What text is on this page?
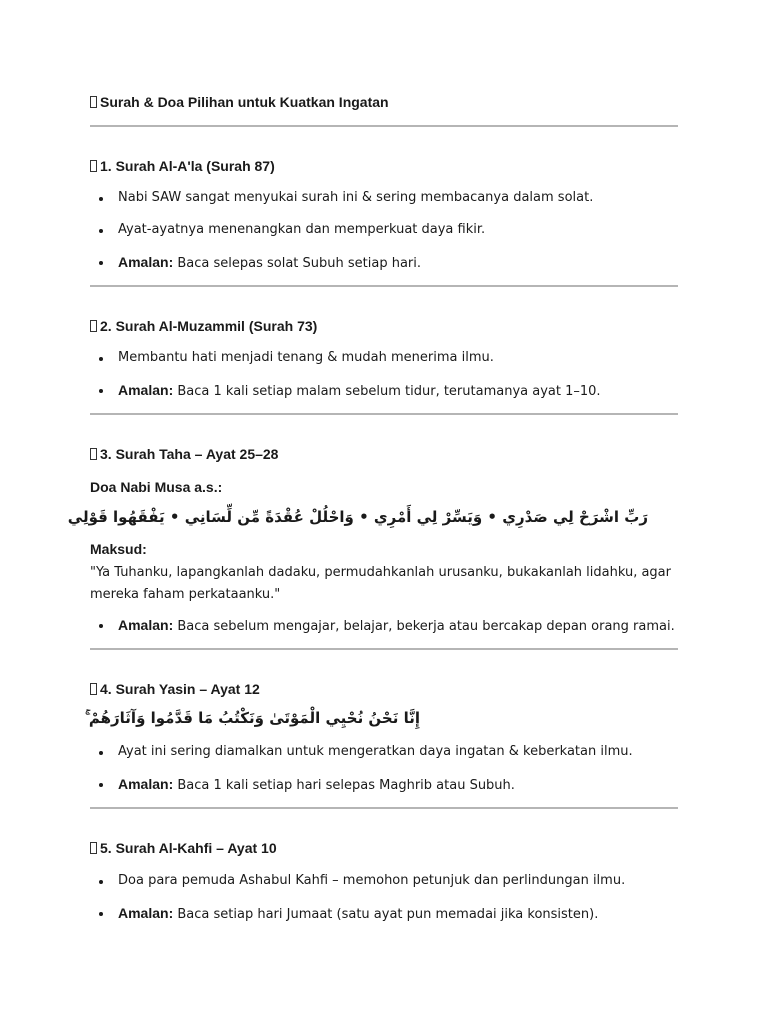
Surah & Doa Pilihan untuk Kuatkan Ingatan
1. Surah Al-A'la (Surah 87)
Nabi SAW sangat menyukai surah ini & sering membacanya dalam solat.
Ayat-ayatnya menenangkan dan memperkuat daya fikir.
Amalan: Baca selepas solat Subuh setiap hari.
2. Surah Al-Muzammil (Surah 73)
Membantu hati menjadi tenang & mudah menerima ilmu.
Amalan: Baca 1 kali setiap malam sebelum tidur, terutamanya ayat 1–10.
3. Surah Taha – Ayat 25–28
Doa Nabi Musa a.s.:
رَبِّ اشْرَحْ لِي صَدْرِي • وَيَسِّرْ لِي أَمْرِي • وَاحْلُلْ عُقْدَةً مِّن لِّسَانِي • يَفْقَهُوا قَوْلِي
Maksud:
"Ya Tuhanku, lapangkanlah dadaku, permudahkanlah urusanku, bukakanlah lidahku, agar
mereka faham perkataanku."
Amalan: Baca sebelum mengajar, belajar, bekerja atau bercakap depan orang ramai.
4. Surah Yasin – Ayat 12
إِنَّا نَحْنُ نُحْيِي الْمَوْتَىٰ وَنَكْتُبُ مَا قَدَّمُوا وَآثَارَهُمْ ۚ
Ayat ini sering diamalkan untuk mengeratkan daya ingatan & keberkatan ilmu.
Amalan: Baca 1 kali setiap hari selepas Maghrib atau Subuh.
5. Surah Al-Kahfi – Ayat 10
Doa para pemuda Ashabul Kahfi – memohon petunjuk dan perlindungan ilmu.
Amalan: Baca setiap hari Jumaat (satu ayat pun memadai jika konsisten).
